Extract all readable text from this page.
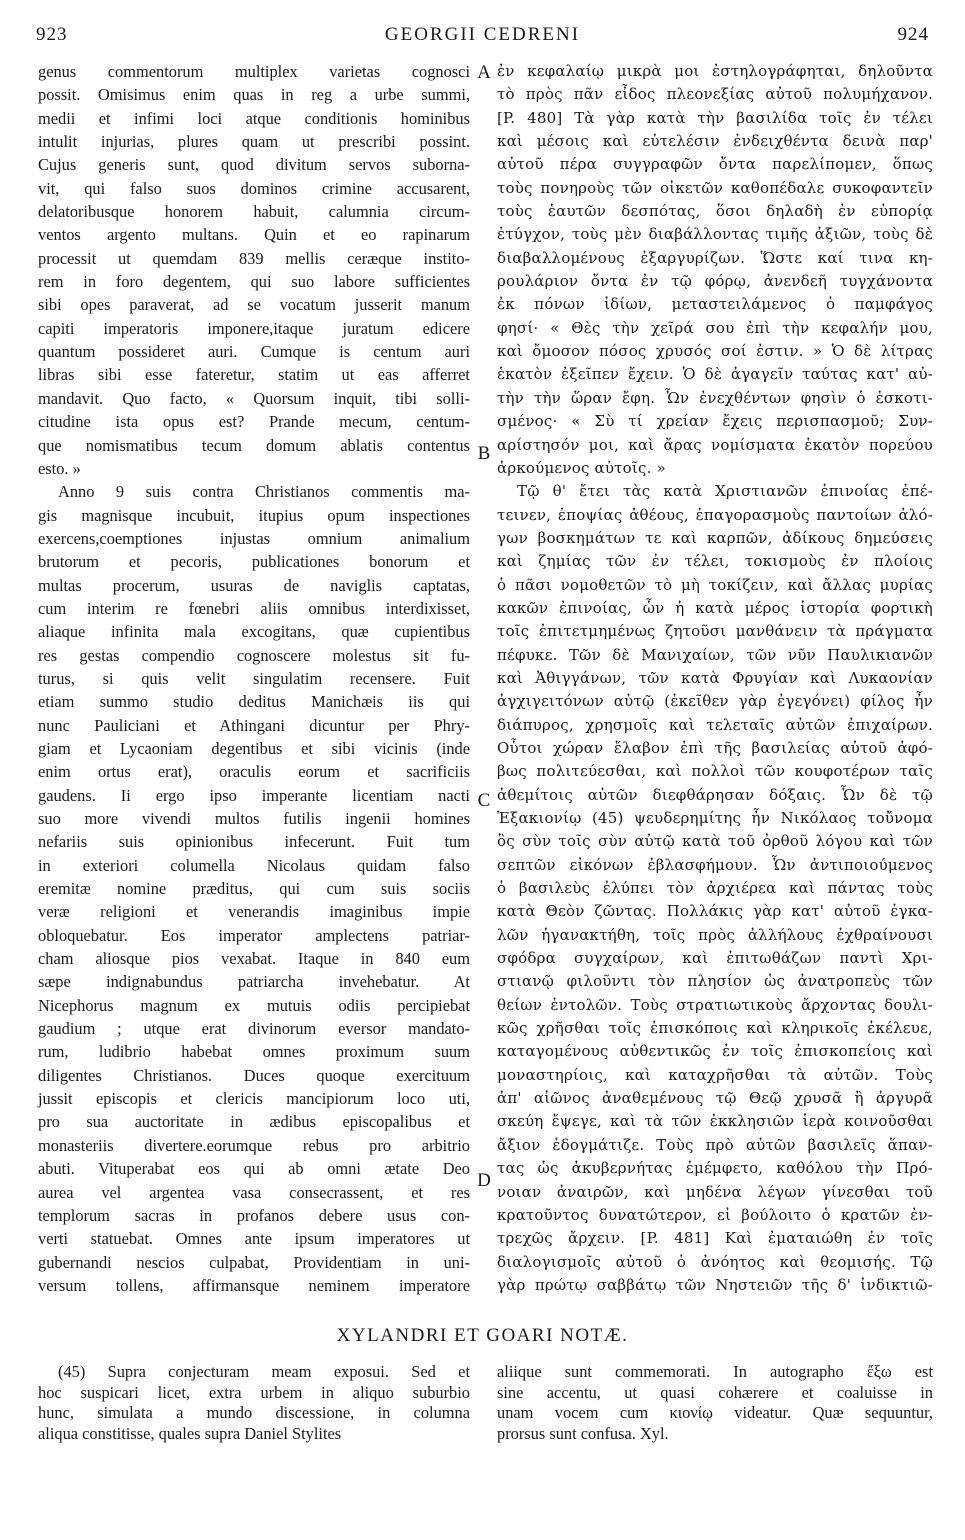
923	GEORGII CEDRENI	924
genus commentorum multiplex varietas cognosci
possit. Omisimus enim quas in reg a urbe summi,
medii et infimi loci atque conditionis hominibus
intulit injurias, plures quam ut prescribi possint.
Cujus generis sunt, quod divitum servos suborna-
vit, qui falso suos dominos crimine accusarent,
delatoribusque honorem habuit, calumnia circum-
ventos argento multans. Quin et eo rapinarum
processit ut quemdam 839 mellis ceræque institο-
rem in foro degentem, qui suo labore sufficientes
sibi opes paraverat, ad se vocatum jusserit manum
capiti imperatoris imponere,itaque juratum edicere
quantum possideret auri. Cumque is centum auri
libras sibi esse fateretur, statim ut eas afferret
mandavit. Quo facto, « Quorsum inquit, tibi solli-
citudine ista opus est? Prande mecum, centum-
que nomismatibus tecum domum ablatis contentus
esto. »
Anno 9 suis contra Christianos commentis ma-
gis magnisque incubuit, itupius opum inspectiones
exercens,coemptiones injustas omnium animalium
brutorum et pecoris, publicationes bonorum et
multas procerum, usuras de naviglis captatas,
cum interim re fœnebri aliis omnibus interdixisset,
aliaque infinita mala excogitans, quæ cupientibus
res gestas compendio cognoscere molestus sit fu-
turus, si quis velit singulatim recensere. Fuit
etiam summo studio deditus Manichæis iis qui
nunc Pauliciani et Athingani dicuntur per Phry-
giam et Lycaoniam degentibus et sibi vicinis (inde
enim ortus erat), oraculis eorum et sacrificiis
gaudens. Ii ergo ipso imperante licentiam nacti
suo more vivendi multos futilis ingenii homines
nefariis suis opinionibus infecerunt. Fuit tum
in exteriori columella Nicolaus quidam falso
eremitæ nomine præditus, qui cum suis sociis
veræ religioni et venerandis imaginibus impie
obloquebatur. Eos imperator amplectens patriar-
cham aliosque pios vexabat. Itaque in 840 eum
sæpe indignabundus patriarcha invehebatur. At
Nicephorus magnum ex mutuis odiis percipiebat
gaudium ; utque erat divinorum eversor mandato-
rum, ludibrio habebat omnes proximum suum
diligentes Christianos. Duces quoque exercituum
jussit episcopis et clericis mancipiorum loco uti,
pro sua auctoritate in ædibus episcopalibus et
monasteriis divertere.eorumque rebus pro arbitrio
abuti. Vituperabat eos qui ab omni ætate Deo
aurea vel argentea vasa consecrassent, et res
templorum sacras in profanos debere usus con-
verti statuebat. Omnes ante ipsum imperatores ut
gubernandi nescios culpabat, Providentiam in uni-
versum tollens, affirmansque neminem imperatore
ἐν κεφαλαίῳ μικρὰ μοι ἐστηλογράφηται, δηλοῦντα
τὸ πρὸς πᾶν εἶδος πλεονεξίας αὐτοῦ πολυμήχανον.
[P. 480] Τὰ γὰρ κατὰ τὴν βασιλίδα τοῖς ἐν τέλει
καὶ μέσοις καὶ εὐτελέσιν ἐνδειχθέντα δεινὰ παρ'
αὐτοῦ πέρα συγγραφῶν ὄντα παρελίπομεν, ὅπως
τοὺς πονηροὺς τῶν οἰκετῶν καθοπέδαλε συκοφαντεῖν
τοὺς ἑαυτῶν δεσπότας, ὅσοι δηλαδὴ ἐν εὐπορίᾳ
ἐτύγχον, τοὺς μὲν διαβάλλοντας τιμῆς ἀξιῶν, τοὺς δὲ
διαβαλλομένους ἐξαργυρίζων. Ὥστε καί τινα κη-
ρουλάριον ὄντα ἐν τῷ φόρῳ, ἀνενδεῆ τυγχάνοντα
ἐκ πόνων ἰδίων, μεταστειλάμενος ὁ παμφάγος
φησί· « Θὲς τὴν χεῖρά σου ἐπὶ τὴν κεφαλήν μου,
καὶ ὄμοσον πόσος χρυσός σοί ἐστιν. » Ὁ δὲ λίτρας
ἑκατὸν ἐξεῖπεν ἔχειν. Ὁ δὲ ἀγαγεῖν ταύτας κατ' αὐ-
τὴν τὴν ὥραν ἔφη. Ὧν ἐνεχθέντων φησὶν ὁ ἐσκοτι-
σμένος· « Σὺ τί χρείαν ἔχεις περισπασμοῦ; Συν-
αρίστησόν μοι, καὶ ἄρας νομίσματα ἑκατὸν πορεύου
ἀρκούμενος αὐτοῖς. »
Τῷ θ' ἔτει τὰς κατὰ Χριστιανῶν ἐπινοίας ἐπέ-
τεινεν, ἐποψίας ἀθέους, ἐπαγορασμοὺς παντοίων ἀλό-
γων βοσκημάτων τε καὶ καρπῶν, ἀδίκους δημεύσεις
καὶ ζημίας τῶν ἐν τέλει, τοκισμοὺς ἐν πλοίοις
ὁ πᾶσι νομοθετῶν τὸ μὴ τοκίζειν, καὶ ἄλλας μυρίας
κακῶν ἐπινοίας, ὧν ἡ κατὰ μέρος ἱστορία φορτικὴ
τοῖς ἐπιτετμημένως ζητοῦσι μανθάνειν τὰ πράγματα
πέφυκε. Τῶν δὲ Μανιχαίων, τῶν νῦν Παυλικιανῶν
καὶ Ἀθιγγάνων, τῶν κατὰ Φρυγίαν καὶ Λυκαονίαν
ἀγχιγειτόνων αὐτῷ (ἐκεῖθεν γὰρ ἐγεγόνει) φίλος ἦν
διάπυρος, χρησμοῖς καὶ τελεταῖς αὐτῶν ἐπιχαίρων.
Οὗτοι χώραν ἔλαβον ἐπὶ τῆς βασιλείας αὐτοῦ ἀφό-
βως πολιτεύεσθαι, καὶ πολλοὶ τῶν κουφοτέρων ταῖς
ἀθεμίτοις αὐτῶν διεφθάρησαν δόξαις. Ὧν δὲ τῷ
Ἐξακιονίῳ (45) ψευδερημίτης ἦν Νικόλαος τοὔνομα
ὃς σὺν τοῖς σὺν αὐτῷ κατὰ τοῦ ὀρθοῦ λόγου καὶ τῶν
σεπτῶν εἰκόνων ἐβλασφήμουν. Ὧν ἀντιποιούμενος
ὁ βασιλεὺς ἐλύπει τὸν ἀρχιέρεα καὶ πάντας τοὺς
κατὰ Θεὸν ζῶντας. Πολλάκις γὰρ κατ' αὐτοῦ ἐγκα-
λῶν ἠγανακτήθη, τοῖς πρὸς ἀλλήλους ἐχθραίνουσι
σφόδρα συγχαίρων, καὶ ἐπιτωθάζων παντὶ Χρι-
στιανῷ φιλοῦντι τὸν πλησίον ὡς ἀνατροπεὺς τῶν
θείων ἐντολῶν. Τοὺς στρατιωτικοὺς ἄρχοντας δουλι-
κῶς χρῆσθαι τοῖς ἐπισκόποις καὶ κληρικοῖς ἐκέλευε,
καταγομένους αὐθεντικῶς ἐν τοῖς ἐπισκοπείοις καὶ
μοναστηρίοις, καὶ καταχρῆσθαι τὰ αὐτῶν. Τοὺς
ἀπ' αἰῶνος ἀναθεμένους τῷ Θεῷ χρυσᾶ ἢ ἀργυρᾶ
σκεύη ἔψεγε, καὶ τὰ τῶν ἐκκλησιῶν ἱερὰ κοινοῦσθαι
ἄξιον ἐδογμάτιζε. Τοὺς πρὸ αὐτῶν βασιλεῖς ἅπαν-
τας ὡς ἀκυβερνήτας ἐμέμφετο, καθόλου τὴν Πρό-
νοιαν ἀναιρῶν, καὶ μηδένα λέγων γίνεσθαι τοῦ
κρατοῦντος δυνατώτερον, εἰ βούλοιτο ὁ κρατῶν ἐν-
τρεχῶς ἄρχειν. [P. 481] Καὶ ἐματαιώθη ἐν τοῖς
διαλογισμοῖς αὐτοῦ ὁ ἀνόητος καὶ θεομισής. Τῷ
γὰρ πρώτῳ σαββάτῳ τῶν Νηστειῶν τῆς δ' ἰνδικτιῶ-
A
B
C
D
XYLANDRI ET GOARI NOTÆ.
(45) Supra conjecturam meam exposui. Sed et
hoc suspicari licet, extra urbem in aliquo suburbio
hunc, simulata a mundo discessione, in columna
aliqua constitisse, quales supra Daniel Stylites
aliique sunt commemorati. In autographo ἔξω est
sine accentu, ut quasi cohærere et coaluisse in
unam vocem cum κιονίῳ videatur. Quæ sequuntur,
prorsus sunt confusa. Xyl.
